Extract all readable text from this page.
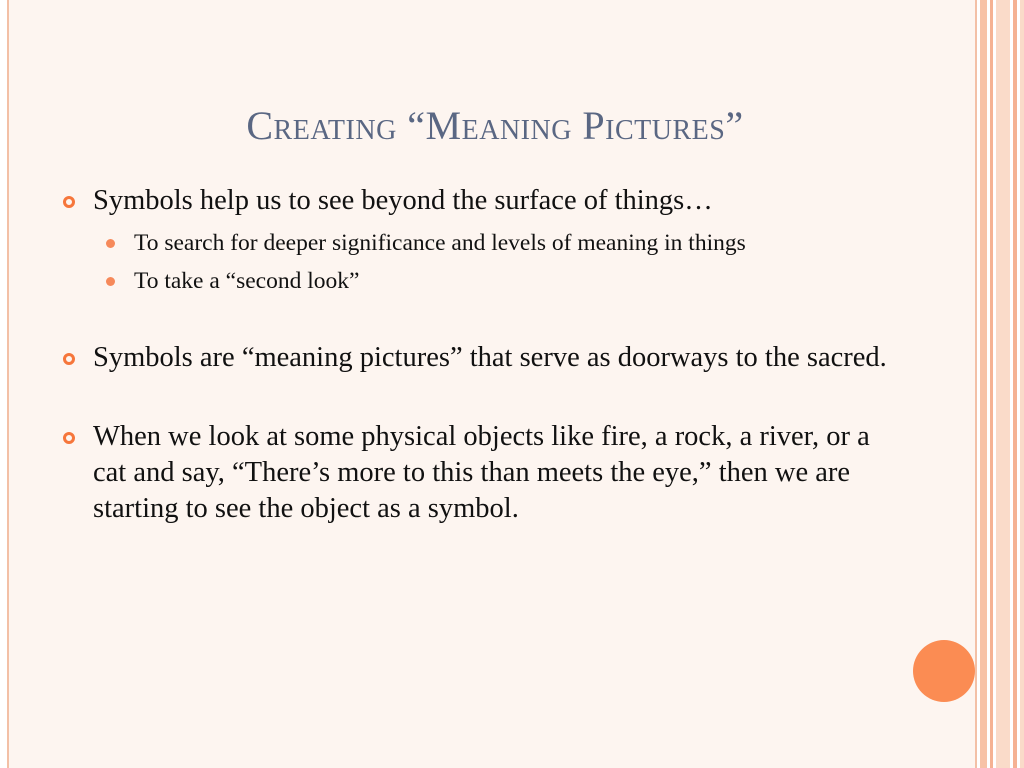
Creating “Meaning Pictures”
Symbols help us to see beyond the surface of things…
To search for deeper significance and levels of meaning in things
To take a “second look”
Symbols are “meaning pictures” that serve as doorways to the sacred.
When we look at some physical objects like fire, a rock, a river, or a cat and say, “There’s more to this than meets the eye,” then we are starting to see the object as a symbol.
